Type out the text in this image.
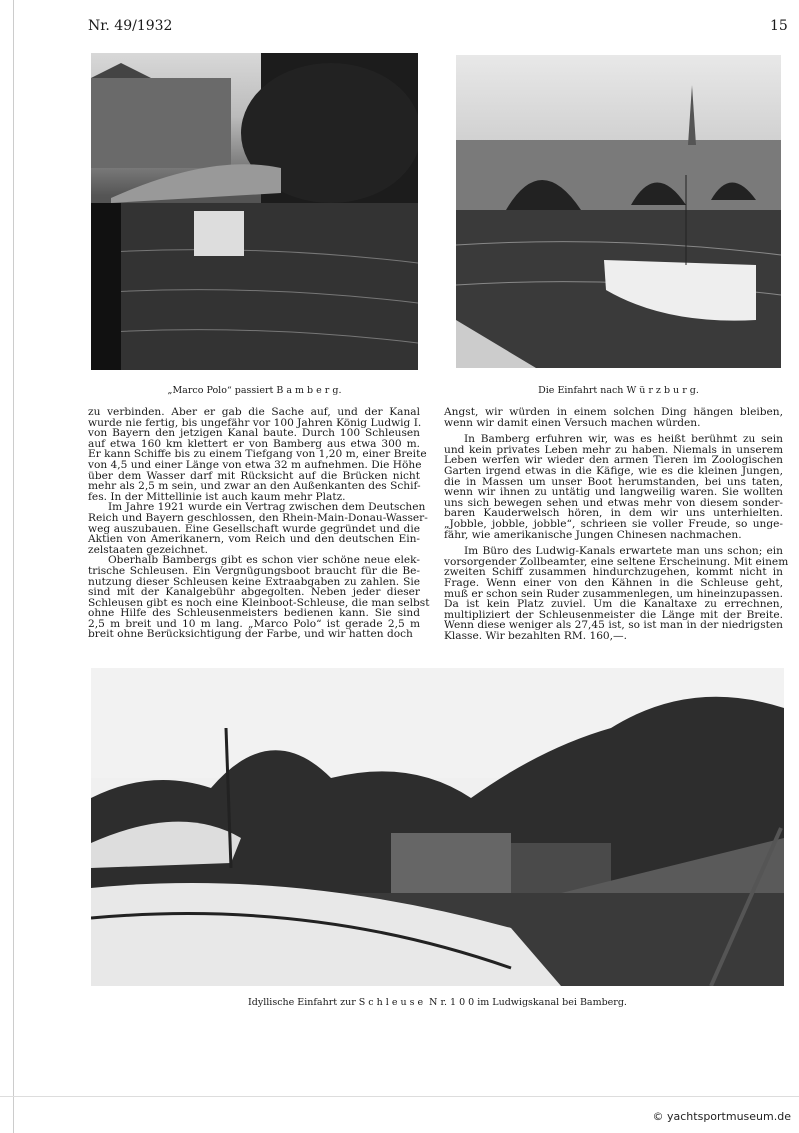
Nr. 49/1932	15
„Marco Polo“ passiert B a m b e r g.	Die Einfahrt nach W ü r z b u r g.
zu verbinden. Aber er gab die Sache auf, und der Kanal
wurde nie fertig, bis ungefähr vor 100 Jahren König Ludwig I.
von Bayern den jetzigen Kanal baute. Durch 100 Schleusen
auf etwa 160 km klettert er von Bamberg aus etwa 300 m.
Er kann Schiffe bis zu einem Tiefgang von 1,20 m, einer Breite
von 4,5 und einer Länge von etwa 32 m aufnehmen. Die Höhe
über dem Wasser darf mit Rücksicht auf die Brücken nicht
mehr als 2,5 m sein, und zwar an den Außenkanten des Schif-
fes. In der Mittellinie ist auch kaum mehr Platz.
Im Jahre 1921 wurde ein Vertrag zwischen dem Deutschen
Reich und Bayern geschlossen, den Rhein-Main-Donau-Wasser-
weg auszubauen. Eine Gesellschaft wurde gegründet und die
Aktien von Amerikanern, vom Reich und den deutschen Ein-
zelstaaten gezeichnet.
Oberhalb Bambergs gibt es schon vier schöne neue elek-
trische Schleusen. Ein Vergnügungsboot braucht für die Be-
nutzung dieser Schleusen keine Extraabgaben zu zahlen. Sie
sind mit der Kanalgebühr abgegolten. Neben jeder dieser
Schleusen gibt es noch eine Kleinboot-Schleuse, die man selbst
ohne Hilfe des Schleusenmeisters bedienen kann. Sie sind
2,5 m breit und 10 m lang. „Marco Polo“ ist gerade 2,5 m
breit ohne Berücksichtigung der Farbe, und wir hatten doch
Angst, wir würden in einem solchen Ding hängen bleiben,
wenn wir damit einen Versuch machen würden.
In Bamberg erfuhren wir, was es heißt berühmt zu sein
und kein privates Leben mehr zu haben. Niemals in unserem
Leben werfen wir wieder den armen Tieren im Zoologischen
Garten irgend etwas in die Käfige, wie es die kleinen Jungen,
die in Massen um unser Boot herumstanden, bei uns taten,
wenn wir ihnen zu untätig und langweilig waren. Sie wollten
uns sich bewegen sehen und etwas mehr von diesem sonder-
baren Kauderwelsch hören, in dem wir uns unterhielten.
„Jobble, jobble, jobble“, schrieen sie voller Freude, so unge-
fähr, wie amerikanische Jungen Chinesen nachmachen.
Im Büro des Ludwig-Kanals erwartete man uns schon; ein
vorsorgender Zollbeamter, eine seltene Erscheinung. Mit einem
zweiten Schiff zusammen hindurchzugehen, kommt nicht in
Frage. Wenn einer von den Kähnen in die Schleuse geht,
muß er schon sein Ruder zusammenlegen, um hineinzupassen.
Da ist kein Platz zuviel. Um die Kanaltaxe zu errechnen,
multipliziert der Schleusenmeister die Länge mit der Breite.
Wenn diese weniger als 27,45 ist, so ist man in der niedrigsten
Klasse. Wir bezahlten RM. 160,—.
Idyllische Einfahrt zur S c h l e u s e  N r. 1 0 0 im Ludwigskanal bei Bamberg.
© yachtsportmuseum.de
